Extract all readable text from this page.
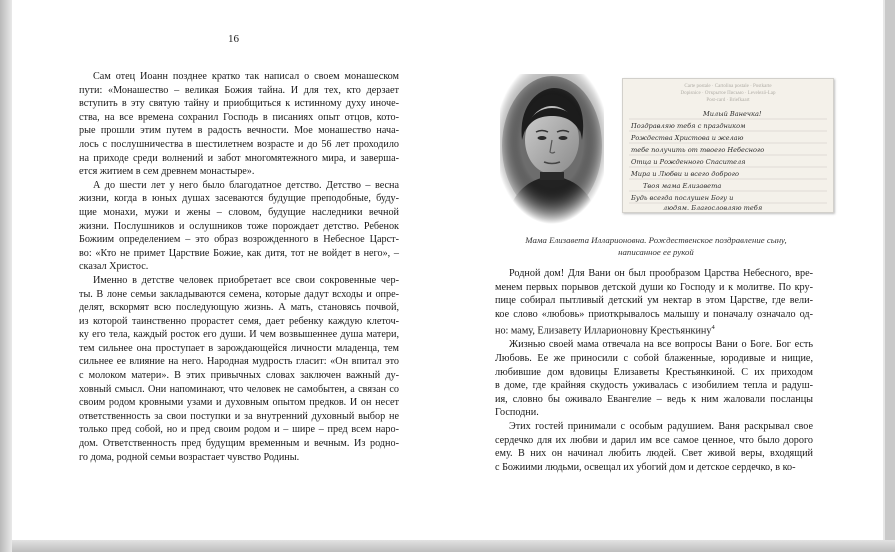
16
Сам отец Иоанн позднее кратко так написал о своем монашеском
пути: «Монашество – великая Божия тайна. И для тех, кто дерзает
вступить в эту святую тайну и приобщиться к истинному духу иноче-
ства, на все времена сохранил Господь в писаниях опыт отцов, кото-
рые прошли этим путем в радость вечности. Мое монашество нача-
лось с послушничества в шестилетнем возрасте и до 56 лет проходило
на приходе среди волнений и забот многомятежного мира, и завершa-
ется житием в сем древнем монастыре».
А до шести лет у него было благодатное детство. Детство – весна
жизни, когда в юных душах засеваются будущие преподобные, буду-
щие монахи, мужи и жены – словом, будущие наследники вечной
жизни. Послушников и ослушников тоже порождает детство. Ребенок
Божиим определением – это образ возрожденного в Небесное Царст-
во: «Кто не примет Царствие Божие, как дитя, тот не войдет в него», –
сказал Христос.
Именно в детстве человек приобретает все свои сокровенные чер-
ты. В лоне семьи закладываются семена, которые дадут всходы и опре-
делят, вскормят всю последующую жизнь. А мать, становясь почвой,
из которой таинственно прорастет семя, дает ребенку каждую клеточ-
ку его тела, каждый росток его души. И чем возвышеннее душа матери,
тем сильнее она проступает в зарождающейся личности младенца, тем
сильнее ее влияние на него. Народная мудрость гласит: «Он впитал это
с молоком матери». В этих привычных словах заключен важный ду-
ховный смысл. Они напоминают, что человек не самобытен, а связан со
своим родом кровными узами и духовным опытом предков. И он несет
ответственность за свои поступки и за внутренний духовный выбор не
только пред собой, но и пред своим родом и – шире – пред всем наро-
дом. Ответственность пред будущим временным и вечным. Из родно-
го дома, родной семьи возрастает чувство Родины.
Carte postale · Cartolina postale · Postkarte
Dopisnice · Открытое Письмо · Levelezö-Lap
Post-card · Briefkaart
Милый Ванечка!
Поздравляю тебя с праздником
Рождества Христова и желаю
тебе получить от твоего Небесного
Отца и Рожденного Спасителя
Мира и Любви и всего доброго
Твоя мама Елизавета
Будь всегда послушен Богу и
людям. Благословляю тебя
Мама Елизавета Илларионовна. Рождественское поздравление сыну,
написанное ее рукой
Родной дом! Для Вани он был прообразом Царства Небесного, вре-
менем первых порывов детской души ко Господу и к молитве. По кру-
пице собирал пытливый детский ум нектар в этом Царстве, где вели-
кое слово «любовь» приоткрывалось малышу и поначалу означало од-
но: маму, Елизавету Илларионовну Крестьянкину$^4$
Жизнью своей мама отвечала на все вопросы Вани о Боге. Бог есть
Любовь. Ее же приносили с собой блаженные, юродивые и нищие,
любившие дом вдовицы Елизаветы Крестьянкиной. С их приходом
в доме, где крайняя скудость уживалась с изобилием тепла и радуш-
ия, словно бы оживало Евангелие – ведь к ним жаловали посланцы
Господни.
Этих гостей принимали с особым радушием. Ваня раскрывал свое
сердечко для их любви и дарил им все самое ценное, что было дорого
ему. В них он начинал любить людей. Свет живой веры, входящий
с Божиими людьми, освещал их убогий дом и детское сердечко, в ко-
